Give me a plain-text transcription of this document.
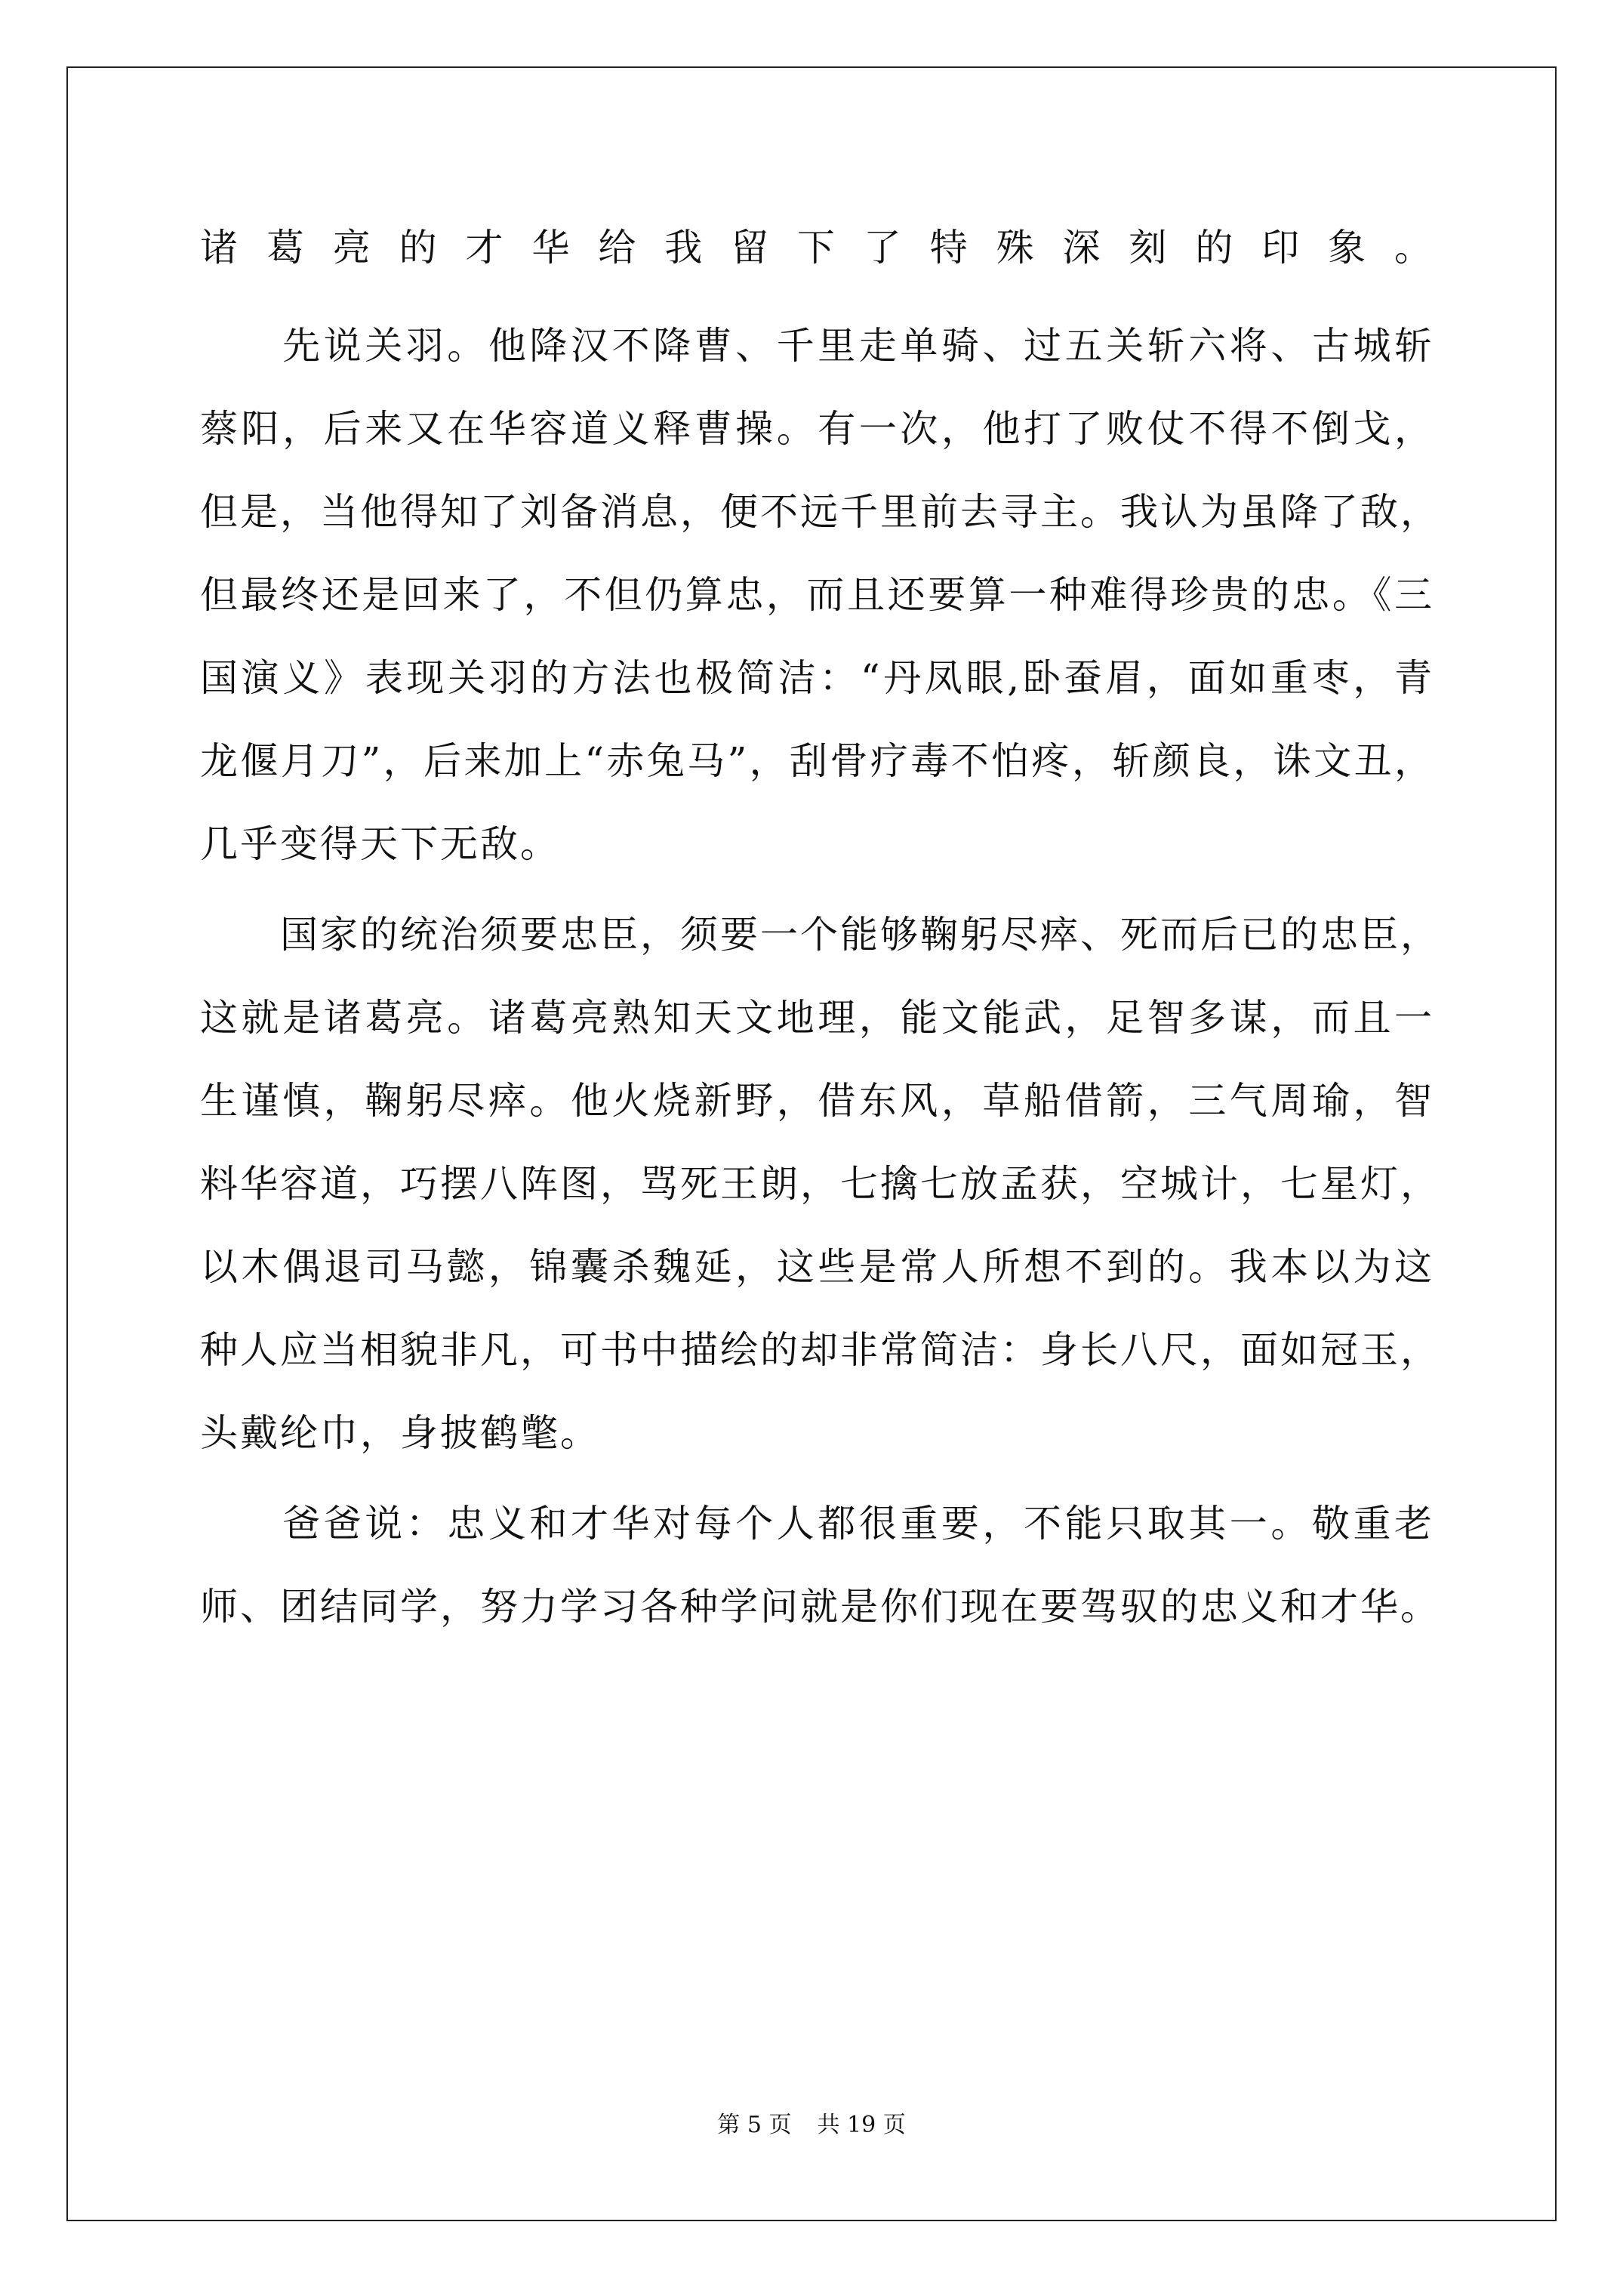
诸葛亮的才华给我留下了特殊深刻的印象。
　　先说关羽。他降汉不降曹、千里走单骑、过五关斩六将、古城斩
蔡阳，后来又在华容道义释曹操。有一次，他打了败仗不得不倒戈，
但是，当他得知了刘备消息，便不远千里前去寻主。我认为虽降了敌，
但最终还是回来了，不但仍算忠，而且还要算一种难得珍贵的忠。《三
国演义》表现关羽的方法也极简洁：“丹凤眼,卧蚕眉，面如重枣，青
龙偃月刀”，后来加上“赤兔马”，刮骨疗毒不怕疼，斩颜良，诛文丑，
几乎变得天下无敌。
　　国家的统治须要忠臣，须要一个能够鞠躬尽瘁、死而后已的忠臣，
这就是诸葛亮。诸葛亮熟知天文地理，能文能武，足智多谋，而且一
生谨慎，鞠躬尽瘁。他火烧新野，借东风，草船借箭，三气周瑜，智
料华容道，巧摆八阵图，骂死王朗，七擒七放孟获，空城计，七星灯，
以木偶退司马懿，锦囊杀魏延，这些是常人所想不到的。我本以为这
种人应当相貌非凡，可书中描绘的却非常简洁：身长八尺，面如冠玉，
头戴纶巾，身披鹤氅。
　　爸爸说：忠义和才华对每个人都很重要，不能只取其一。敬重老
师、团结同学，努力学习各种学问就是你们现在要驾驭的忠义和才华。
第 5 页 共 19 页
